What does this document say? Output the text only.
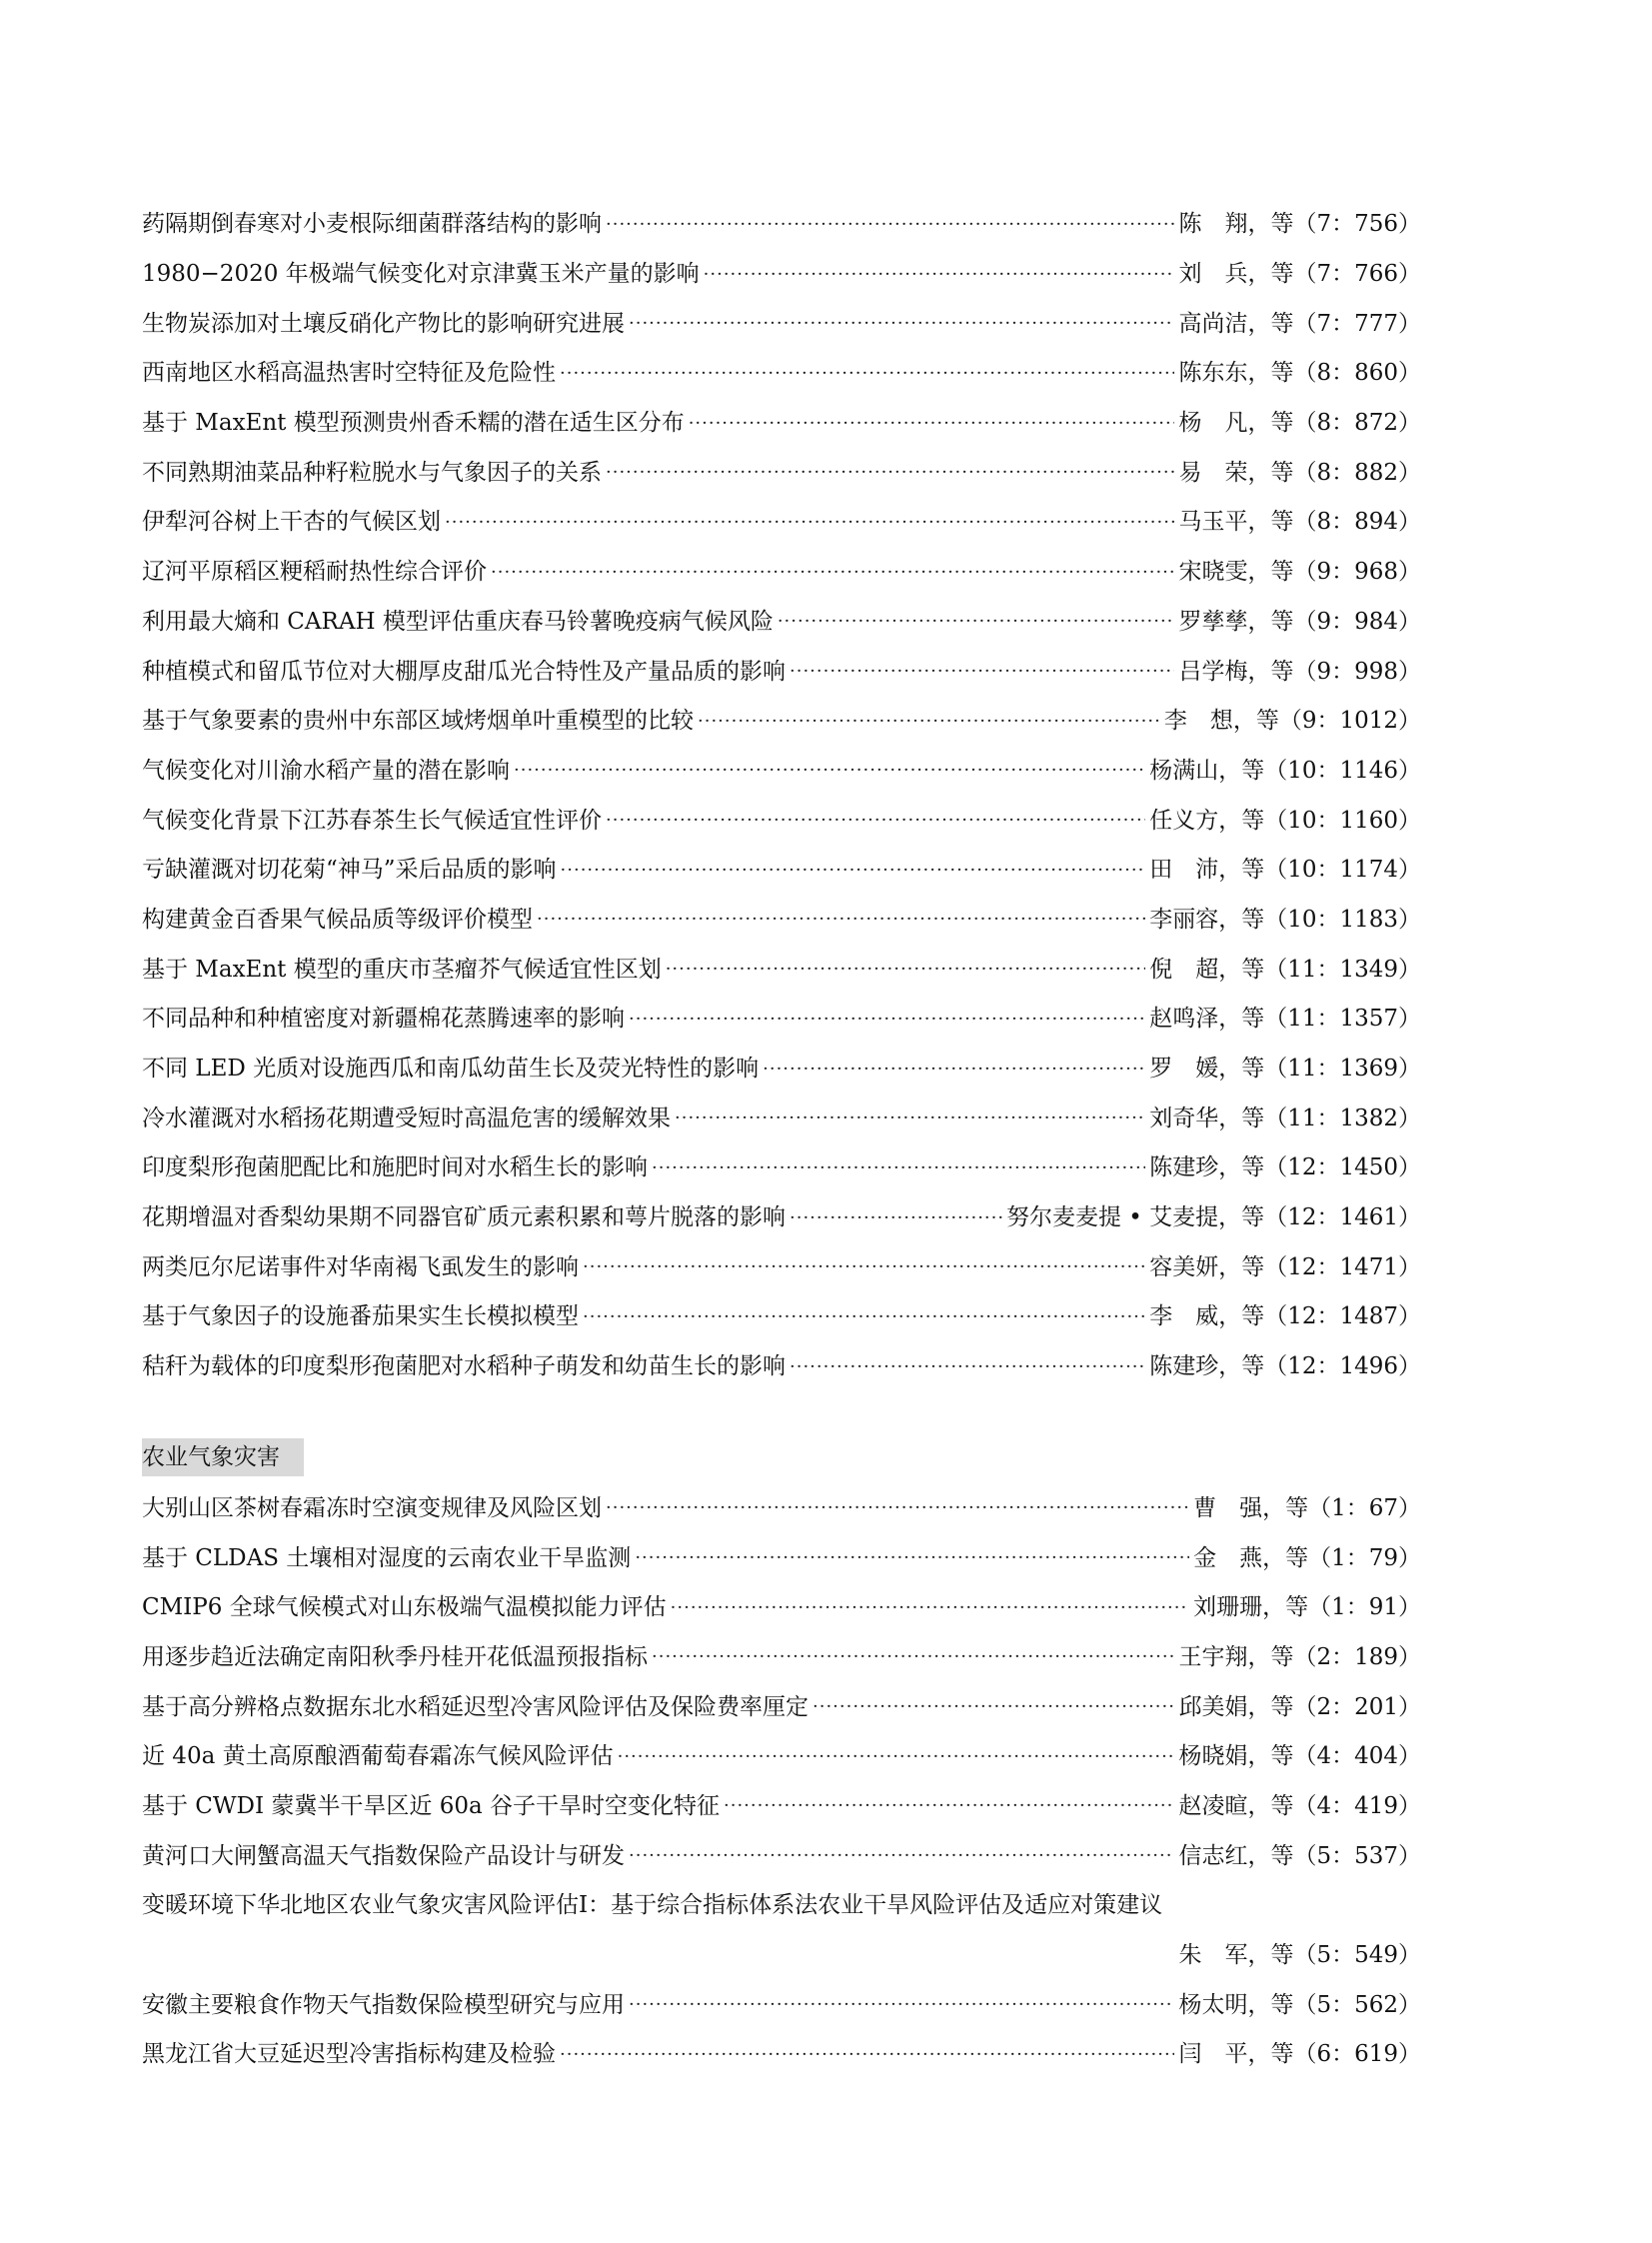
药隔期倒春寒对小麦根际细菌群落结构的影响 ·····	陈　翔，等 （7：756）
1980−2020 年极端气候变化对京津冀玉米产量的影响 ·····	刘　兵，等 （7：766）
生物炭添加对土壤反硝化产物比的影响研究进展 ·····	高尚洁，等 （7：777）
西南地区水稻高温热害时空特征及危险性 ·····	陈东东，等 （8：860）
基于 MaxEnt 模型预测贵州香禾糯的潜在适生区分布 ·····	杨　凡，等 （8：872）
不同熟期油菜品种籽粒脱水与气象因子的关系 ·····	易　荣，等 （8：882）
伊犁河谷树上干杏的气候区划 ·····	马玉平，等 （8：894）
辽河平原稻区粳稻耐热性综合评价 ·····	宋晓雯，等 （9：968）
利用最大熵和 CARAH 模型评估重庆春马铃薯晚疫病气候风险 ·····	罗孳孳，等 （9：984）
种植模式和留瓜节位对大棚厚皮甜瓜光合特性及产量品质的影响 ·····	吕学梅，等 （9：998）
基于气象要素的贵州中东部区域烤烟单叶重模型的比较 ·····	李　想，等 （9：1012）
气候变化对川渝水稻产量的潜在影响 ·····	杨满山，等 （10：1146）
气候变化背景下江苏春茶生长气候适宜性评价 ·····	任义方，等 （10：1160）
亏缺灌溉对切花菊“神马”采后品质的影响 ·····	田　沛，等 （10：1174）
构建黄金百香果气候品质等级评价模型 ·····	李丽容，等 （10：1183）
基于 MaxEnt 模型的重庆市茎瘤芥气候适宜性区划 ·····	倪　超，等 （11：1349）
不同品种和种植密度对新疆棉花蒸腾速率的影响 ·····	赵鸣泽，等 （11：1357）
不同 LED 光质对设施西瓜和南瓜幼苗生长及荧光特性的影响 ·····	罗　媛，等 （11：1369）
冷水灌溉对水稻扬花期遭受短时高温危害的缓解效果 ·····	刘奇华，等 （11：1382）
印度梨形孢菌肥配比和施肥时间对水稻生长的影响 ·····	陈建珍，等 （12：1450）
花期增温对香梨幼果期不同器官矿质元素积累和萼片脱落的影响 ·····	努尔麦麦提 • 艾麦提，等 （12：1461）
两类厄尔尼诺事件对华南褐飞虱发生的影响 ·····	容美妍，等 （12：1471）
基于气象因子的设施番茄果实生长模拟模型 ·····	李　威，等 （12：1487）
秸秆为载体的印度梨形孢菌肥对水稻种子萌发和幼苗生长的影响 ·····	陈建珍，等 （12：1496）
农业气象灾害
大别山区茶树春霜冻时空演变规律及风险区划 ·····	曹　强，等 （1：67）
基于 CLDAS 土壤相对湿度的云南农业干旱监测 ·····	金　燕，等 （1：79）
CMIP6 全球气候模式对山东极端气温模拟能力评估 ·····	刘珊珊，等 （1：91）
用逐步趋近法确定南阳秋季丹桂开花低温预报指标 ·····	王宇翔，等 （2：189）
基于高分辨格点数据东北水稻延迟型冷害风险评估及保险费率厘定 ·····	邱美娟，等 （2：201）
近 40a 黄土高原酿酒葡萄春霜冻气候风险评估 ·····	杨晓娟，等 （4：404）
基于 CWDI 蒙冀半干旱区近 60a 谷子干旱时空变化特征 ·····	赵凌暄，等 （4：419）
黄河口大闸蟹高温天气指数保险产品设计与研发 ·····	信志红，等 （5：537）
变暖环境下华北地区农业气象灾害风险评估Ⅰ：基于综合指标体系法农业干旱风险评估及适应对策建议
朱　军，等 （5：549）
安徽主要粮食作物天气指数保险模型研究与应用 ·····	杨太明，等 （5：562）
黑龙江省大豆延迟型冷害指标构建及检验 ·····	闫　平，等 （6：619）
